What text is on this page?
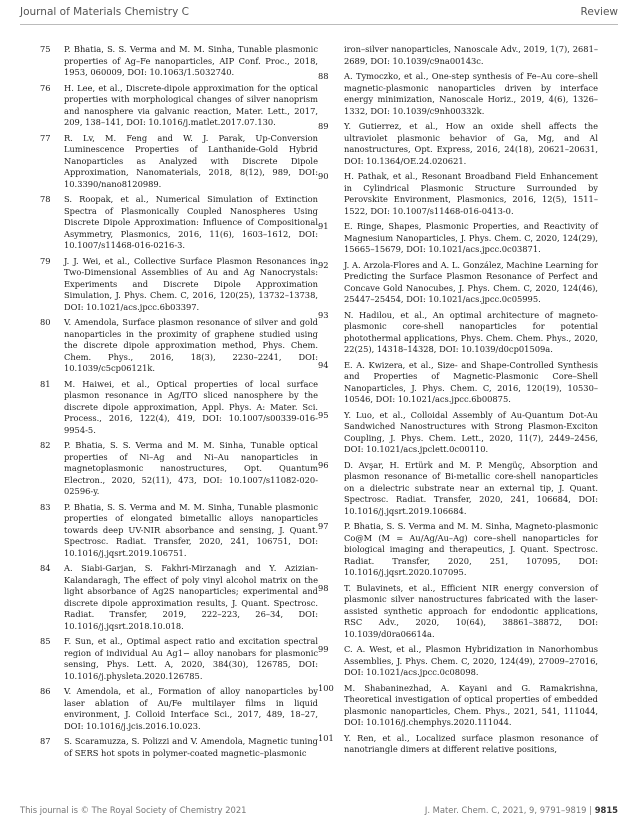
Journal of Materials Chemistry C	Review
75 P. Bhatia, S. S. Verma and M. M. Sinha, Tunable plasmonic properties of Ag–Fe nanoparticles, AIP Conf. Proc., 2018, 1953, 060009, DOI: 10.1063/1.5032740.
76 H. Lee, et al., Discrete-dipole approximation for the optical properties with morphological changes of silver nanoprism and nanosphere via galvanic reaction, Mater. Lett., 2017, 209, 138–141, DOI: 10.1016/j.matlet.2017.07.130.
77 R. Lv, M. Feng and W. J. Parak, Up-Conversion Luminescence Properties of Lanthanide-Gold Hybrid Nanoparticles as Analyzed with Discrete Dipole Approximation, Nanomaterials, 2018, 8(12), 989, DOI: 10.3390/nano8120989.
78 S. Roopak, et al., Numerical Simulation of Extinction Spectra of Plasmonically Coupled Nanospheres Using Discrete Dipole Approximation: Influence of Compositional Asymmetry, Plasmonics, 2016, 11(6), 1603–1612, DOI: 10.1007/s11468-016-0216-3.
79 J. J. Wei, et al., Collective Surface Plasmon Resonances in Two-Dimensional Assemblies of Au and Ag Nanocrystals: Experiments and Discrete Dipole Approximation Simulation, J. Phys. Chem. C, 2016, 120(25), 13732–13738, DOI: 10.1021/acs.jpcc.6b03397.
80 V. Amendola, Surface plasmon resonance of silver and gold nanoparticles in the proximity of graphene studied using the discrete dipole approximation method, Phys. Chem. Chem. Phys., 2016, 18(3), 2230–2241, DOI: 10.1039/c5cp06121k.
81 M. Haiwei, et al., Optical properties of local surface plasmon resonance in Ag/ITO sliced nanosphere by the discrete dipole approximation, Appl. Phys. A: Mater. Sci. Process., 2016, 122(4), 419, DOI: 10.1007/s00339-016-9954-5.
82 P. Bhatia, S. S. Verma and M. M. Sinha, Tunable optical properties of Ni–Ag and Ni–Au nanoparticles in magnetoplasmonic nanostructures, Opt. Quantum Electron., 2020, 52(11), 473, DOI: 10.1007/s11082-020-02596-y.
83 P. Bhatia, S. S. Verma and M. M. Sinha, Tunable plasmonic properties of elongated bimetallic alloys nanoparticles towards deep UV-NIR absorbance and sensing, J. Quant. Spectrosc. Radiat. Transfer, 2020, 241, 106751, DOI: 10.1016/j.jqsrt.2019.106751.
84 A. Siabi-Garjan, S. Fakhri-Mirzanagh and Y. Azizian-Kalandaragh, The effect of poly vinyl alcohol matrix on the light absorbance of Ag2S nanoparticles; experimental and discrete dipole approximation results, J. Quant. Spectrosc. Radiat. Transfer, 2019, 222–223, 26–34, DOI: 10.1016/j.jqsrt.2018.10.018.
85 F. Sun, et al., Optimal aspect ratio and excitation spectral region of individual Au Ag1− alloy nanobars for plasmonic sensing, Phys. Lett. A, 2020, 384(30), 126785, DOI: 10.1016/j.physleta.2020.126785.
86 V. Amendola, et al., Formation of alloy nanoparticles by laser ablation of Au/Fe multilayer films in liquid environment, J. Colloid Interface Sci., 2017, 489, 18–27, DOI: 10.1016/j.jcis.2016.10.023.
87 S. Scaramuzza, S. Polizzi and V. Amendola, Magnetic tuning of SERS hot spots in polymer-coated magnetic–plasmonic
iron–silver nanoparticles, Nanoscale Adv., 2019, 1(7), 2681–2689, DOI: 10.1039/c9na00143c.
88 A. Tymoczko, et al., One-step synthesis of Fe–Au core–shell magnetic-plasmonic nanoparticles driven by interface energy minimization, Nanoscale Horiz., 2019, 4(6), 1326–1332, DOI: 10.1039/c9nh00332k.
89 Y. Gutierrez, et al., How an oxide shell affects the ultraviolet plasmonic behavior of Ga, Mg, and Al nanostructures, Opt. Express, 2016, 24(18), 20621–20631, DOI: 10.1364/OE.24.020621.
90 H. Pathak, et al., Resonant Broadband Field Enhancement in Cylindrical Plasmonic Structure Surrounded by Perovskite Environment, Plasmonics, 2016, 12(5), 1511–1522, DOI: 10.1007/s11468-016-0413-0.
91 E. Ringe, Shapes, Plasmonic Properties, and Reactivity of Magnesium Nanoparticles, J. Phys. Chem. C, 2020, 124(29), 15665–15679, DOI: 10.1021/acs.jpcc.0c03871.
92 J. A. Arzola-Flores and A. L. González, Machine Learning for Predicting the Surface Plasmon Resonance of Perfect and Concave Gold Nanocubes, J. Phys. Chem. C, 2020, 124(46), 25447–25454, DOI: 10.1021/acs.jpcc.0c05995.
93 N. Hadilou, et al., An optimal architecture of magneto-plasmonic core-shell nanoparticles for potential photothermal applications, Phys. Chem. Chem. Phys., 2020, 22(25), 14318–14328, DOI: 10.1039/d0cp01509a.
94 E. A. Kwizera, et al., Size- and Shape-Controlled Synthesis and Properties of Magnetic-Plasmonic Core–Shell Nanoparticles, J. Phys. Chem. C, 2016, 120(19), 10530–10546, DOI: 10.1021/acs.jpcc.6b00875.
95 Y. Luo, et al., Colloidal Assembly of Au-Quantum Dot-Au Sandwiched Nanostructures with Strong Plasmon-Exciton Coupling, J. Phys. Chem. Lett., 2020, 11(7), 2449–2456, DOI: 10.1021/acs.jpclett.0c00110.
96 D. Avşar, H. Ertürk and M. P. Mengüç, Absorption and plasmon resonance of Bi-metallic core-shell nanoparticles on a dielectric substrate near an external tip, J. Quant. Spectrosc. Radiat. Transfer, 2020, 241, 106684, DOI: 10.1016/j.jqsrt.2019.106684.
97 P. Bhatia, S. S. Verma and M. M. Sinha, Magneto-plasmonic Co@M (M = Au/Ag/Au–Ag) core–shell nanoparticles for biological imaging and therapeutics, J. Quant. Spectrosc. Radiat. Transfer, 2020, 251, 107095, DOI: 10.1016/j.jqsrt.2020.107095.
98 T. Bulavinets, et al., Efficient NIR energy conversion of plasmonic silver nanostructures fabricated with the laser-assisted synthetic approach for endodontic applications, RSC Adv., 2020, 10(64), 38861–38872, DOI: 10.1039/d0ra06614a.
99 C. A. West, et al., Plasmon Hybridization in Nanorhombus Assemblies, J. Phys. Chem. C, 2020, 124(49), 27009–27016, DOI: 10.1021/acs.jpcc.0c08098.
100 M. Shabaninezhad, A. Kayani and G. Ramakrishna, Theoretical investigation of optical properties of embedded plasmonic nanoparticles, Chem. Phys., 2021, 541, 111044, DOI: 10.1016/j.chemphys.2020.111044.
101 Y. Ren, et al., Localized surface plasmon resonance of nanotriangle dimers at different relative positions,
This journal is © The Royal Society of Chemistry 2021	J. Mater. Chem. C, 2021, 9, 9791–9819 | 9815
